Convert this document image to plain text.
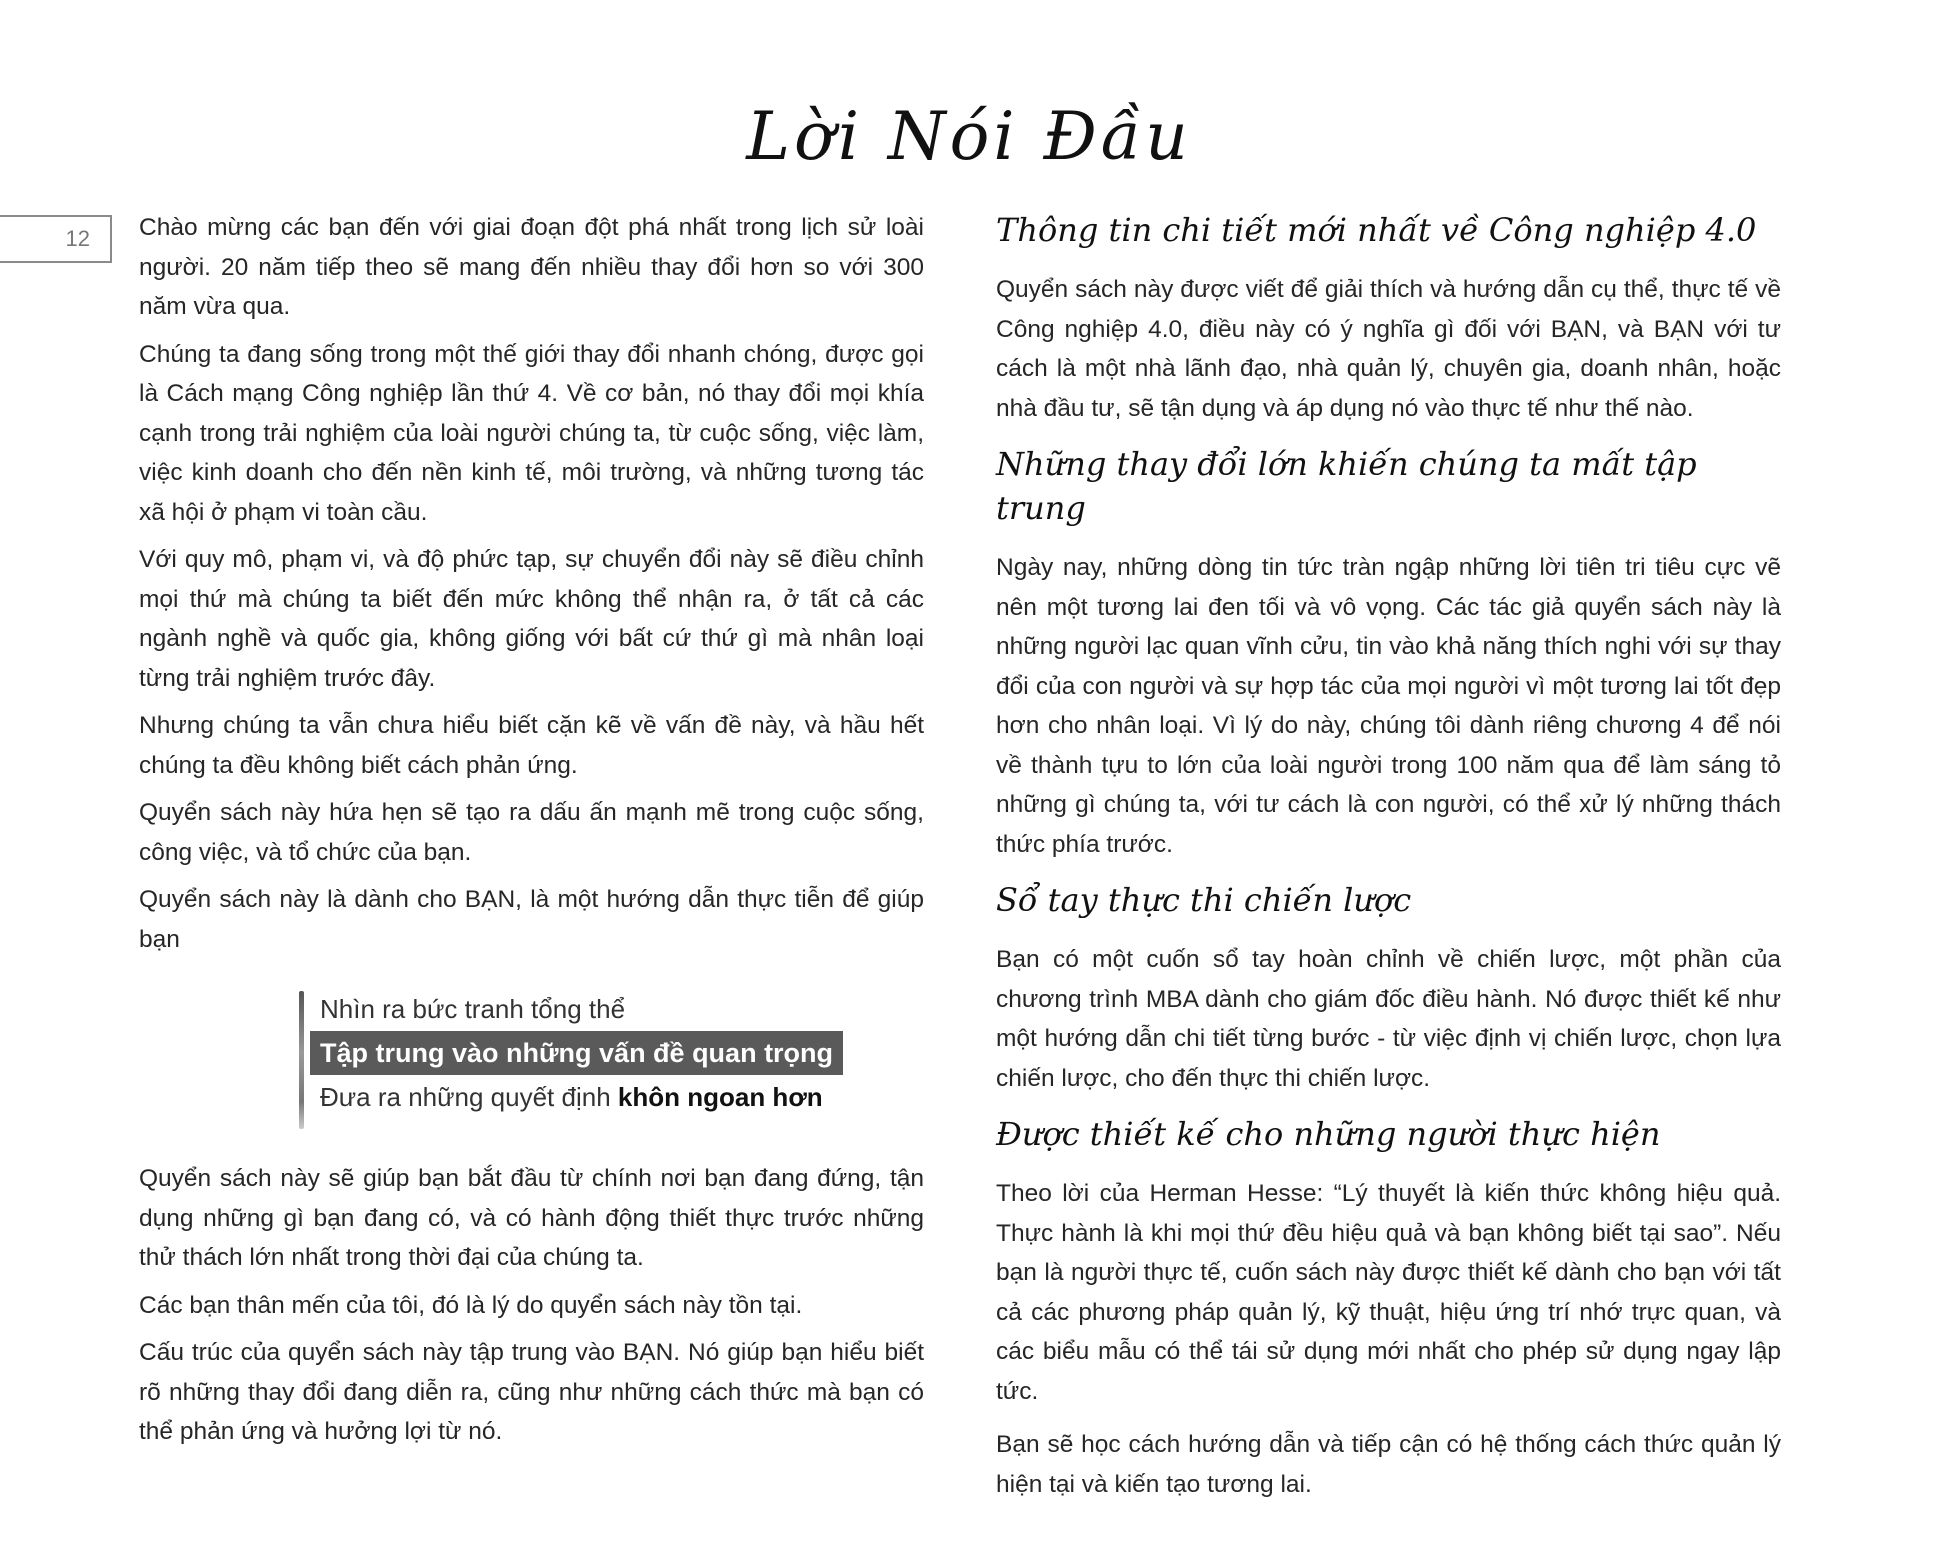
Lời Nói Đầu
12	Chào mừng các bạn đến với giai đoạn đột phá nhất trong lịch sử loài người. 20 năm tiếp theo sẽ mang đến nhiều thay đổi hơn so với 300 năm vừa qua.

Chúng ta đang sống trong một thế giới thay đổi nhanh chóng, được gọi là Cách mạng Công nghiệp lần thứ 4. Về cơ bản, nó thay đổi mọi khía cạnh trong trải nghiệm của loài người chúng ta, từ cuộc sống, việc làm, việc kinh doanh cho đến nền kinh tế, môi trường, và những tương tác xã hội ở phạm vi toàn cầu.

Với quy mô, phạm vi, và độ phức tạp, sự chuyển đổi này sẽ điều chỉnh mọi thứ mà chúng ta biết đến mức không thể nhận ra, ở tất cả các ngành nghề và quốc gia, không giống với bất cứ thứ gì mà nhân loại từng trải nghiệm trước đây.

Nhưng chúng ta vẫn chưa hiểu biết cặn kẽ về vấn đề này, và hầu hết chúng ta đều không biết cách phản ứng.

Quyển sách này hứa hẹn sẽ tạo ra dấu ấn mạnh mẽ trong cuộc sống, công việc, và tổ chức của bạn.

Quyển sách này là dành cho BẠN, là một hướng dẫn thực tiễn để giúp bạn

Nhìn ra bức tranh tổng thể
Tập trung vào những vấn đề quan trọng
Đưa ra những quyết định khôn ngoan hơn

Quyển sách này sẽ giúp bạn bắt đầu từ chính nơi bạn đang đứng, tận dụng những gì bạn đang có, và có hành động thiết thực trước những thử thách lớn nhất trong thời đại của chúng ta.

Các bạn thân mến của tôi, đó là lý do quyển sách này tồn tại.

Cấu trúc của quyển sách này tập trung vào BẠN. Nó giúp bạn hiểu biết rõ những thay đổi đang diễn ra, cũng như những cách thức mà bạn có thể phản ứng và hưởng lợi từ nó.

Thông tin chi tiết mới nhất về Công nghiệp 4.0

Quyển sách này được viết để giải thích và hướng dẫn cụ thể, thực tế về Công nghiệp 4.0, điều này có ý nghĩa gì đối với BẠN, và BẠN với tư cách là một nhà lãnh đạo, nhà quản lý, chuyên gia, doanh nhân, hoặc nhà đầu tư, sẽ tận dụng và áp dụng nó vào thực tế như thế nào.

Những thay đổi lớn khiến chúng ta mất tập trung

Ngày nay, những dòng tin tức tràn ngập những lời tiên tri tiêu cực vẽ nên một tương lai đen tối và vô vọng. Các tác giả quyển sách này là những người lạc quan vĩnh cửu, tin vào khả năng thích nghi với sự thay đổi của con người và sự hợp tác của mọi người vì một tương lai tốt đẹp hơn cho nhân loại. Vì lý do này, chúng tôi dành riêng chương 4 để nói về thành tựu to lớn của loài người trong 100 năm qua để làm sáng tỏ những gì chúng ta, với tư cách là con người, có thể xử lý những thách thức phía trước.

Sổ tay thực thi chiến lược

Bạn có một cuốn sổ tay hoàn chỉnh về chiến lược, một phần của chương trình MBA dành cho giám đốc điều hành. Nó được thiết kế như một hướng dẫn chi tiết từng bước - từ việc định vị chiến lược, chọn lựa chiến lược, cho đến thực thi chiến lược.

Được thiết kế cho những người thực hiện

Theo lời của Herman Hesse: “Lý thuyết là kiến thức không hiệu quả. Thực hành là khi mọi thứ đều hiệu quả và bạn không biết tại sao”. Nếu bạn là người thực tế, cuốn sách này được thiết kế dành cho bạn với tất cả các phương pháp quản lý, kỹ thuật, hiệu ứng trí nhớ trực quan, và các biểu mẫu có thể tái sử dụng mới nhất cho phép sử dụng ngay lập tức.

Bạn sẽ học cách hướng dẫn và tiếp cận có hệ thống cách thức quản lý hiện tại và kiến tạo tương lai.
